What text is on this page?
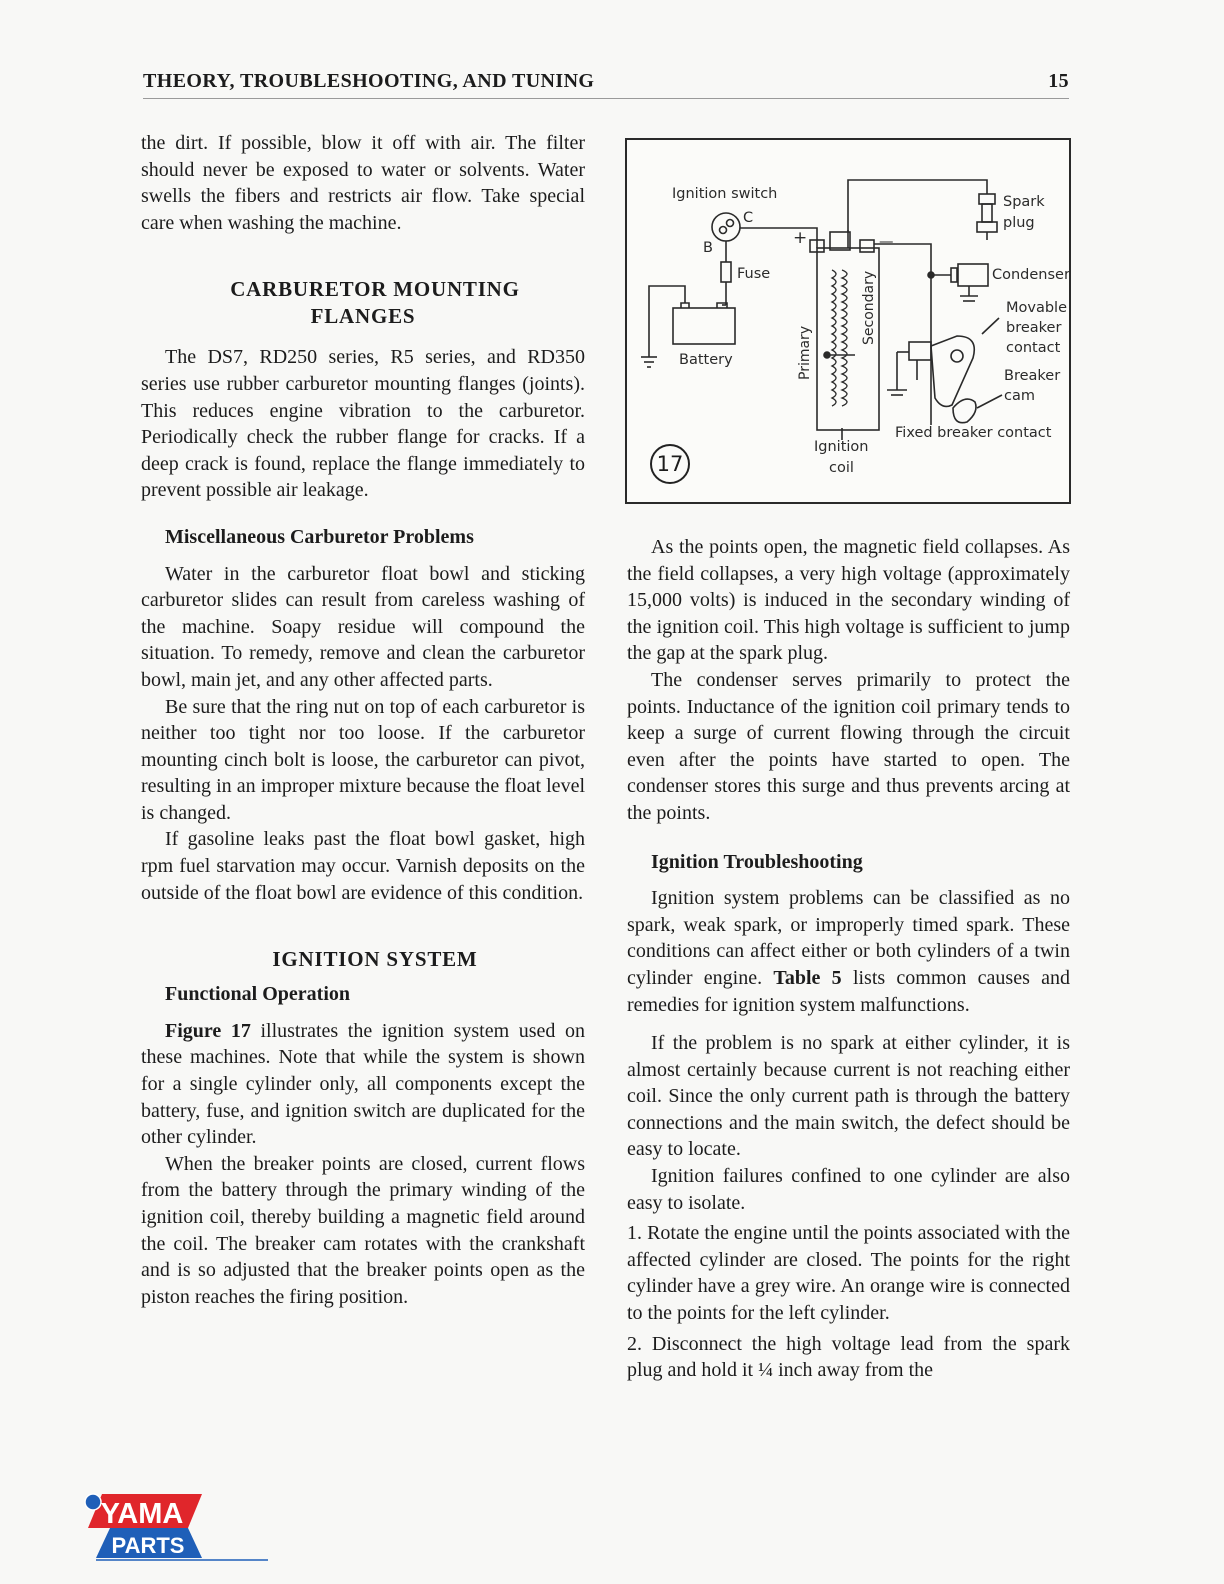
THEORY, TROUBLESHOOTING, AND TUNING	15

the dirt. If possible, blow it off with air. The filter should never be exposed to water or solvents. Water swells the fibers and restricts air flow. Take special care when washing the machine.

CARBURETOR MOUNTING
FLANGES

The DS7, RD250 series, R5 series, and RD350 series use rubber carburetor mounting flanges (joints). This reduces engine vibration to the carburetor. Periodically check the rubber flange for cracks. If a deep crack is found, replace the flange immediately to prevent possible air leakage.

Miscellaneous Carburetor Problems

Water in the carburetor float bowl and sticking carburetor slides can result from careless washing of the machine. Soapy residue will compound the situation. To remedy, remove and clean the carburetor bowl, main jet, and any other affected parts.

Be sure that the ring nut on top of each carburetor is neither too tight nor too loose. If the carburetor mounting cinch bolt is loose, the carburetor can pivot, resulting in an improper mixture because the float level is changed.

If gasoline leaks past the float bowl gasket, high rpm fuel starvation may occur. Varnish deposits on the outside of the float bowl are evidence of this condition.

IGNITION SYSTEM

Functional Operation

Figure 17 illustrates the ignition system used on these machines. Note that while the system is shown for a single cylinder only, all components except the battery, fuse, and ignition switch are duplicated for the other cylinder.

When the breaker points are closed, current flows from the battery through the primary winding of the ignition coil, thereby building a magnetic field around the coil. The breaker cam rotates with the crankshaft and is so adjusted that the breaker points open as the piston reaches the firing position.

Ignition switch
C
B
Fuse
Battery
Spark
plug
Condenser
Movable
breaker
contact
Breaker
cam
Fixed breaker contact
Ignition
coil
Primary
Secondary
+	—
17

As the points open, the magnetic field collapses. As the field collapses, a very high voltage (approximately 15,000 volts) is induced in the secondary winding of the ignition coil. This high voltage is sufficient to jump the gap at the spark plug.

The condenser serves primarily to protect the points. Inductance of the ignition coil primary tends to keep a surge of current flowing through the circuit even after the points have started to open. The condenser stores this surge and thus prevents arcing at the points.

Ignition Troubleshooting

Ignition system problems can be classified as no spark, weak spark, or improperly timed spark. These conditions can affect either or both cylinders of a twin cylinder engine. Table 5 lists common causes and remedies for ignition system malfunctions.

If the problem is no spark at either cylinder, it is almost certainly because current is not reaching either coil. Since the only current path is through the battery connections and the main switch, the defect should be easy to locate.

Ignition failures confined to one cylinder are also easy to isolate.

1. Rotate the engine until the points associated with the affected cylinder are closed. The points for the right cylinder have a grey wire. An orange wire is connected to the points for the left cylinder.

2. Disconnect the high voltage lead from the spark plug and hold it ¼ inch away from the

YAMA
PARTS
